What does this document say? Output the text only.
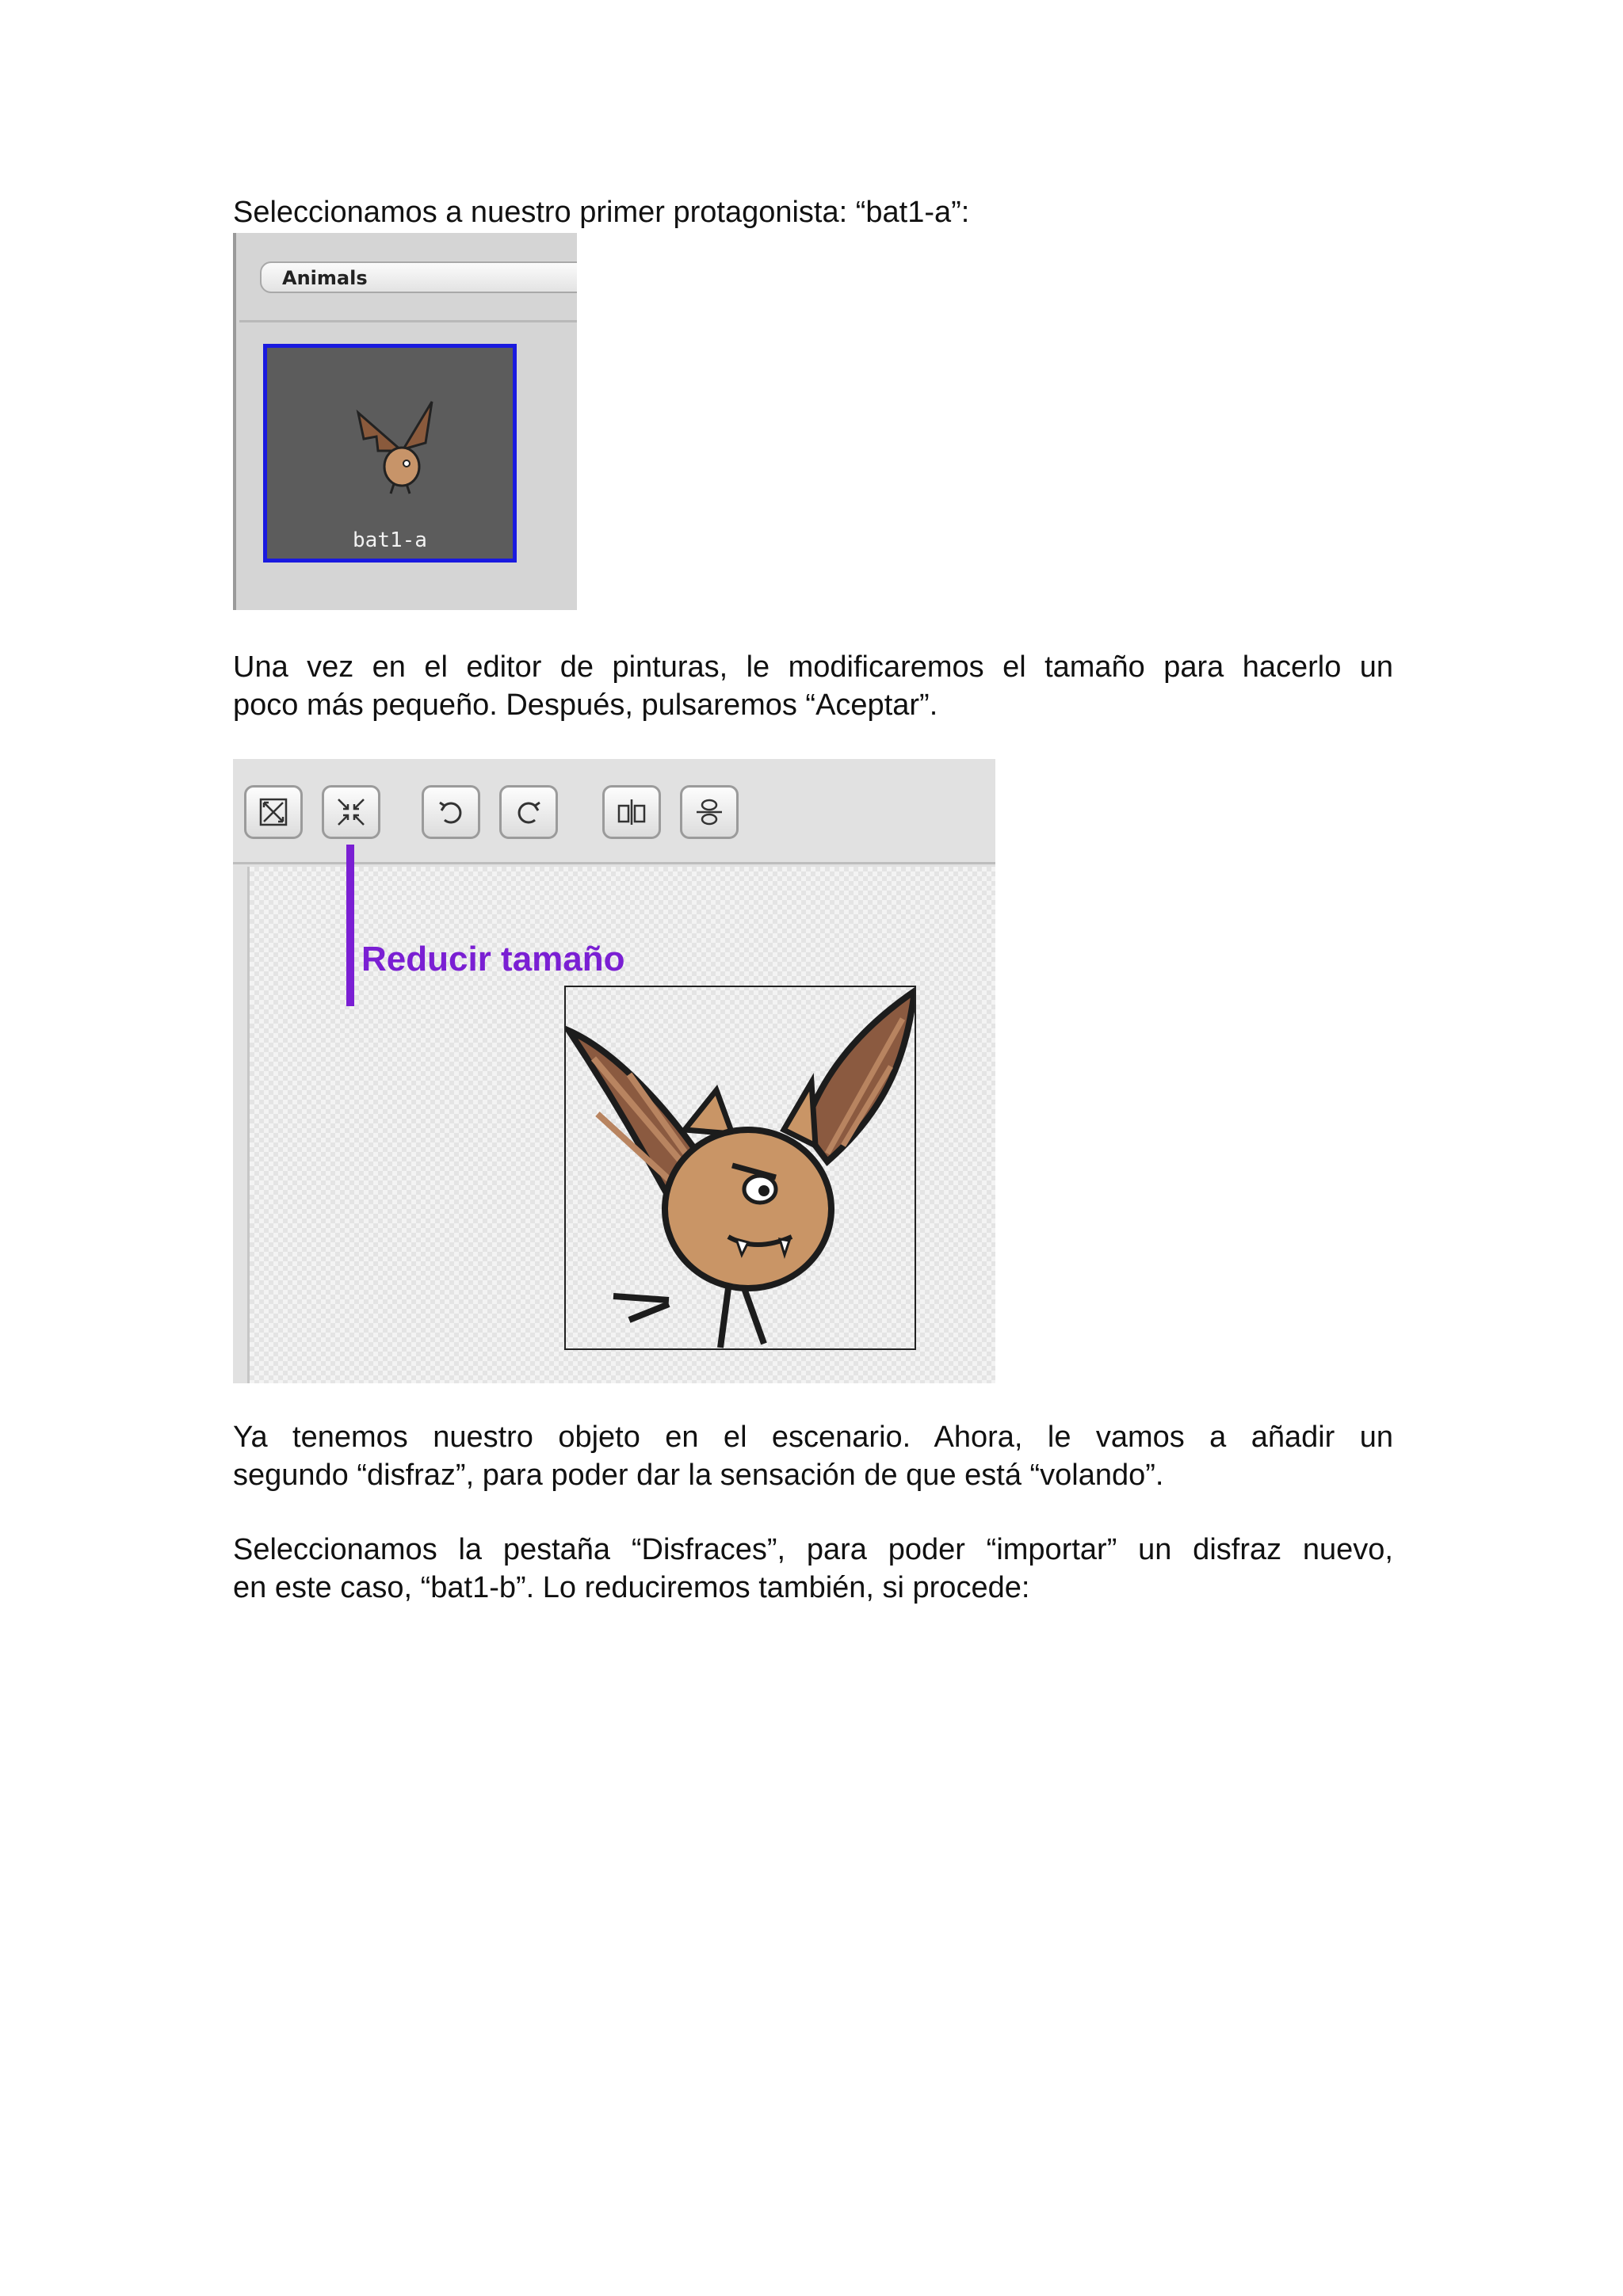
Seleccionamos a nuestro primer protagonista: “bat1-a”:

Animals
bat1-a

Una vez en el editor de pinturas, le modificaremos el tamaño para hacerlo un
poco más pequeño. Después, pulsaremos “Aceptar”.

Reducir tamaño

Ya tenemos nuestro objeto en el escenario. Ahora, le vamos a añadir un
segundo “disfraz”, para poder dar la sensación de que está “volando”.

Seleccionamos la pestaña “Disfraces”, para poder “importar” un disfraz nuevo,
en este caso, “bat1-b”. Lo reduciremos también, si procede:
